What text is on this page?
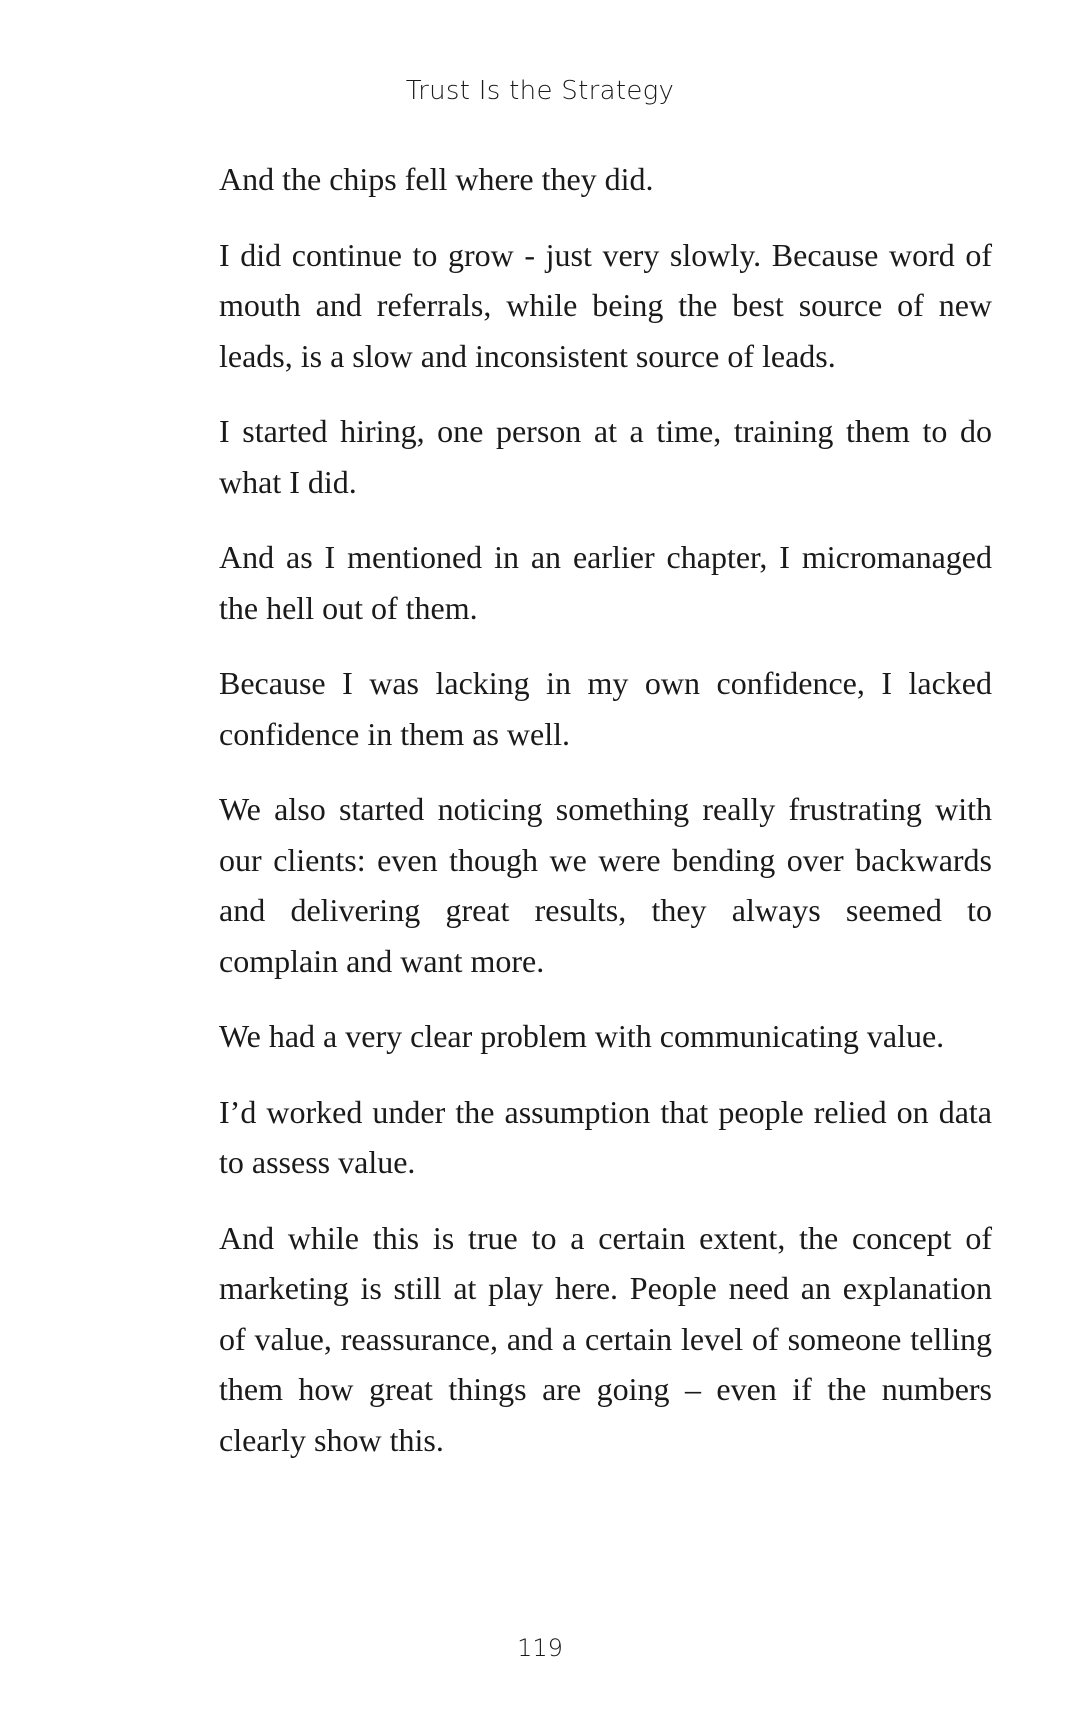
Trust Is the Strategy

And the chips fell where they did.

I did continue to grow - just very slowly. Because word of mouth and referrals, while being the best source of new leads, is a slow and inconsistent source of leads.

I started hiring, one person at a time, training them to do what I did.

And as I mentioned in an earlier chapter, I micromanaged the hell out of them.

Because I was lacking in my own confidence, I lacked confidence in them as well.

We also started noticing something really frustrating with our clients: even though we were bending over backwards and delivering great results, they always seemed to complain and want more.

We had a very clear problem with communicating value.

I’d worked under the assumption that people relied on data to assess value.

And while this is true to a certain extent, the concept of marketing is still at play here. People need an explanation of value, reassurance, and a certain level of someone telling them how great things are going – even if the numbers clearly show this.

119
